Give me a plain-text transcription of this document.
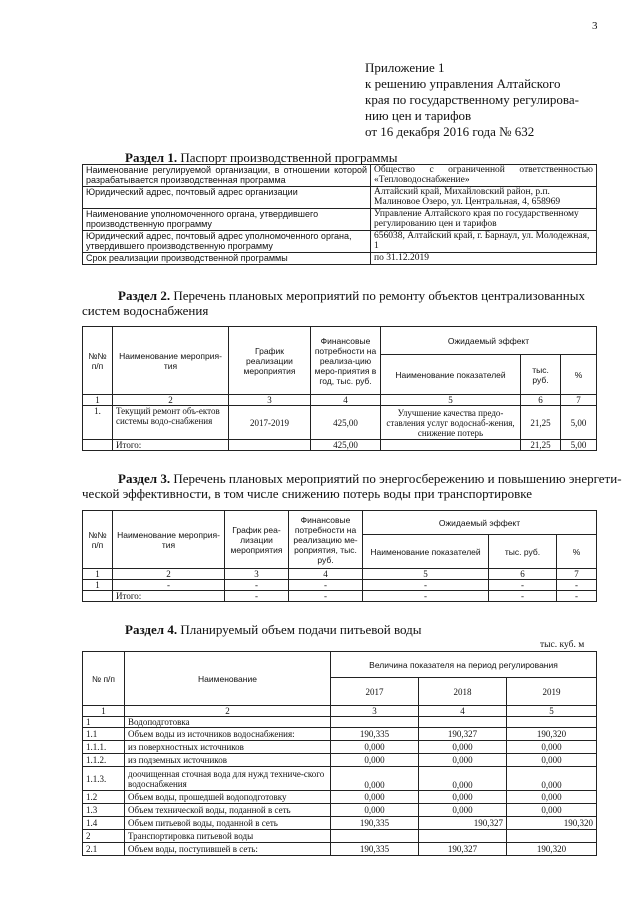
3
Приложение 1
к решению управления Алтайского
края по государственному регулирова-
нию цен и тарифов
от 16 декабря 2016 года № 632
Раздел 1. Паспорт производственной программы
Наименование регулируемой организации, в отношении которой разрабатывается производственная программа	Общество с ограниченной ответственностью «Тепловодоснабжение»
Юридический адрес, почтовый адрес организации	Алтайский край, Михайловский район, р.п. Малиновое Озеро, ул. Центральная, 4, 658969
Наименование уполномоченного органа, утвердившего производственную программу	Управление Алтайского края по государственному регулированию цен и тарифов
Юридический адрес, почтовый адрес уполномоченного органа, утвердившего производственную программу	656038, Алтайский край, г. Барнаул, ул. Молодежная, 1
Срок реализации производственной программы	по 31.12.2019
Раздел 2. Перечень плановых мероприятий по ремонту объектов централизованных
систем водоснабжения
№№ п/п	Наименование мероприя-тия	График реализации мероприятия	Финансовые потребности на реализа-цию меро-приятия в год, тыс. руб.	Ожидаемый эффект		
				Наименование показателей	тыс. руб.	%
1	2	3	4	5	6	7
1.	Текущий ремонт объ-ектов системы водо-снабжения	2017-2019	425,00	Улучшение качества предо-ставления услуг водоснаб-жения, снижение потерь	21,25	5,00
	Итого:		425,00		21,25	5,00
Раздел 3. Перечень плановых мероприятий по энергосбережению и повышению энергети-
ческой эффективности, в том числе снижению потерь воды при транспортировке
№№ п/п	Наименование мероприя-тия	График реа-лизации мероприятия	Финансовые потребности на реализацию ме-роприятия, тыс. руб.	Ожидаемый эффект		
				Наименование показателей	тыс. руб.	%
1	2	3	4	5	6	7
1	-	-	-	-	-	-
	Итого:	-	-	-	-	-
Раздел 4. Планируемый объем подачи питьевой воды
тыс. куб. м
№ п/п	Наименование	Величина показателя на период регулирования		
		2017	2018	2019
1	2	3	4	5
1	Водоподготовка			
1.1	Объем воды из источников водоснабжения:	190,335	190,327	190,320
1.1.1.	из поверхностных источников	0,000	0,000	0,000
1.1.2.	из подземных источников	0,000	0,000	0,000
1.1.3.	доочищенная сточная вода для нужд техниче-ского водоснабжения	0,000	0,000	0,000
1.2	Объем воды, прошедшей водоподготовку	0,000	0,000	0,000
1.3	Объем технической воды, поданной в сеть	0,000	0,000	0,000
1.4	Объем питьевой воды, поданной в сеть	190,335	190,327	190,320
2	Транспортировка питьевой воды			
2.1	Объем воды, поступившей в сеть:	190,335	190,327	190,320
